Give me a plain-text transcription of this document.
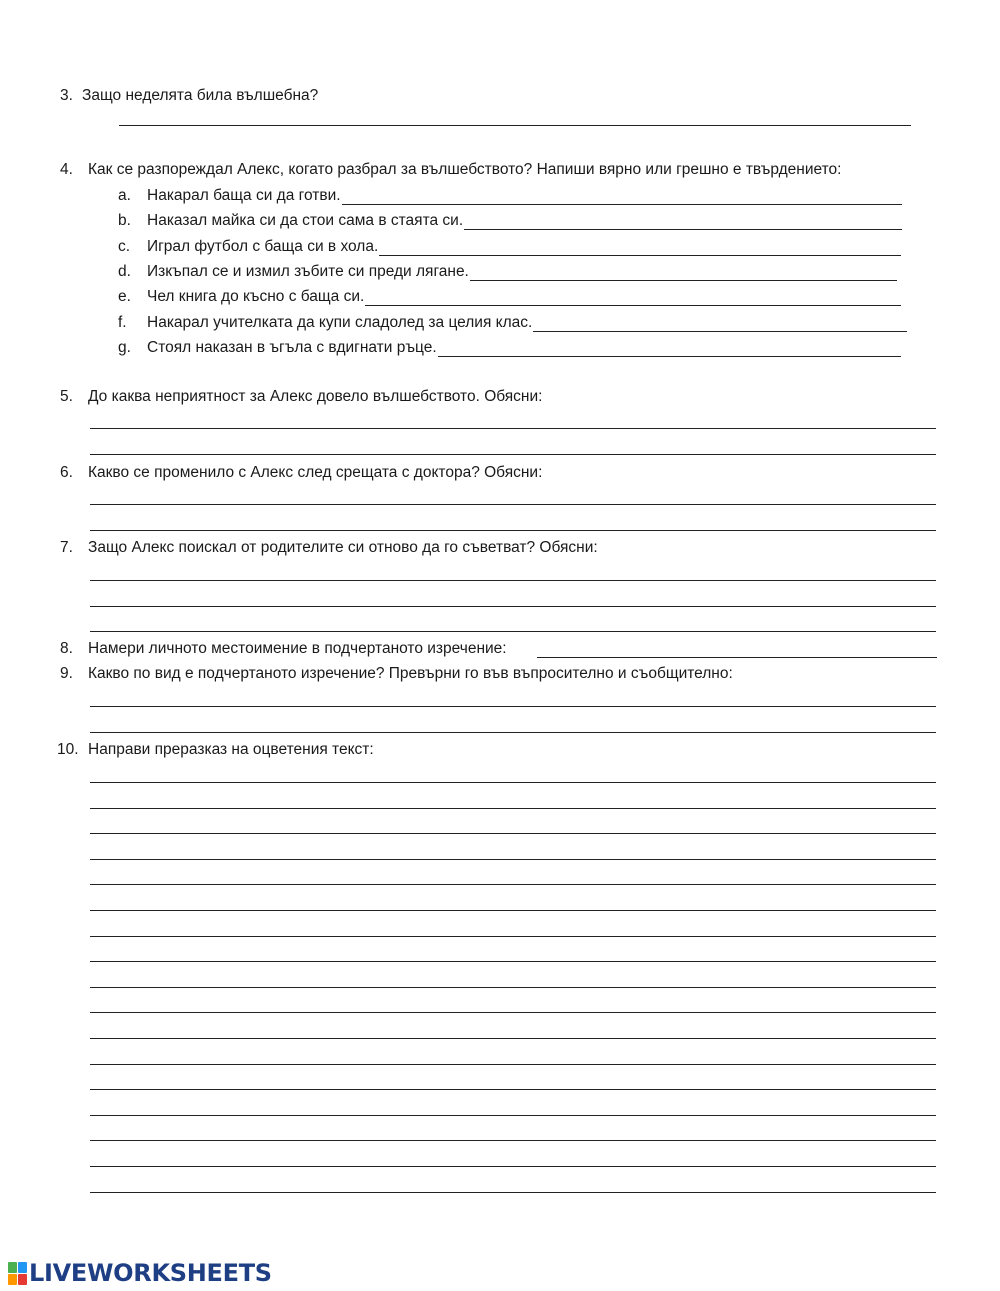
3. Защо неделята била вълшебна?
4. Как се разпореждал Алекс, когато разбрал за вълшебството? Напиши вярно или грешно е твърдението:
a. Накарал баща си да готви.
b. Наказал майка си да стои сама в стаята си.
c. Играл футбол с баща си в хола.
d. Изкъпал се и измил зъбите си преди лягане.
e. Чел книга до късно с баща си.
f. Накарал учителката да купи сладолед за целия клас.
g. Стоял наказан в ъгъла с вдигнати ръце.
5. До каква неприятност за Алекс довело вълшебството. Обясни:
6. Какво се променило с Алекс след срещата с доктора? Обясни:
7. Защо Алекс поискал от родителите си отново да го съветват? Обясни:
8. Намери личното местоимение в подчертаното изречение:
9. Какво по вид е подчертаното изречение? Превърни го във въпросително и съобщително:
10. Направи преразказ на оцветения текст:
LIVEWORKSHEETS
